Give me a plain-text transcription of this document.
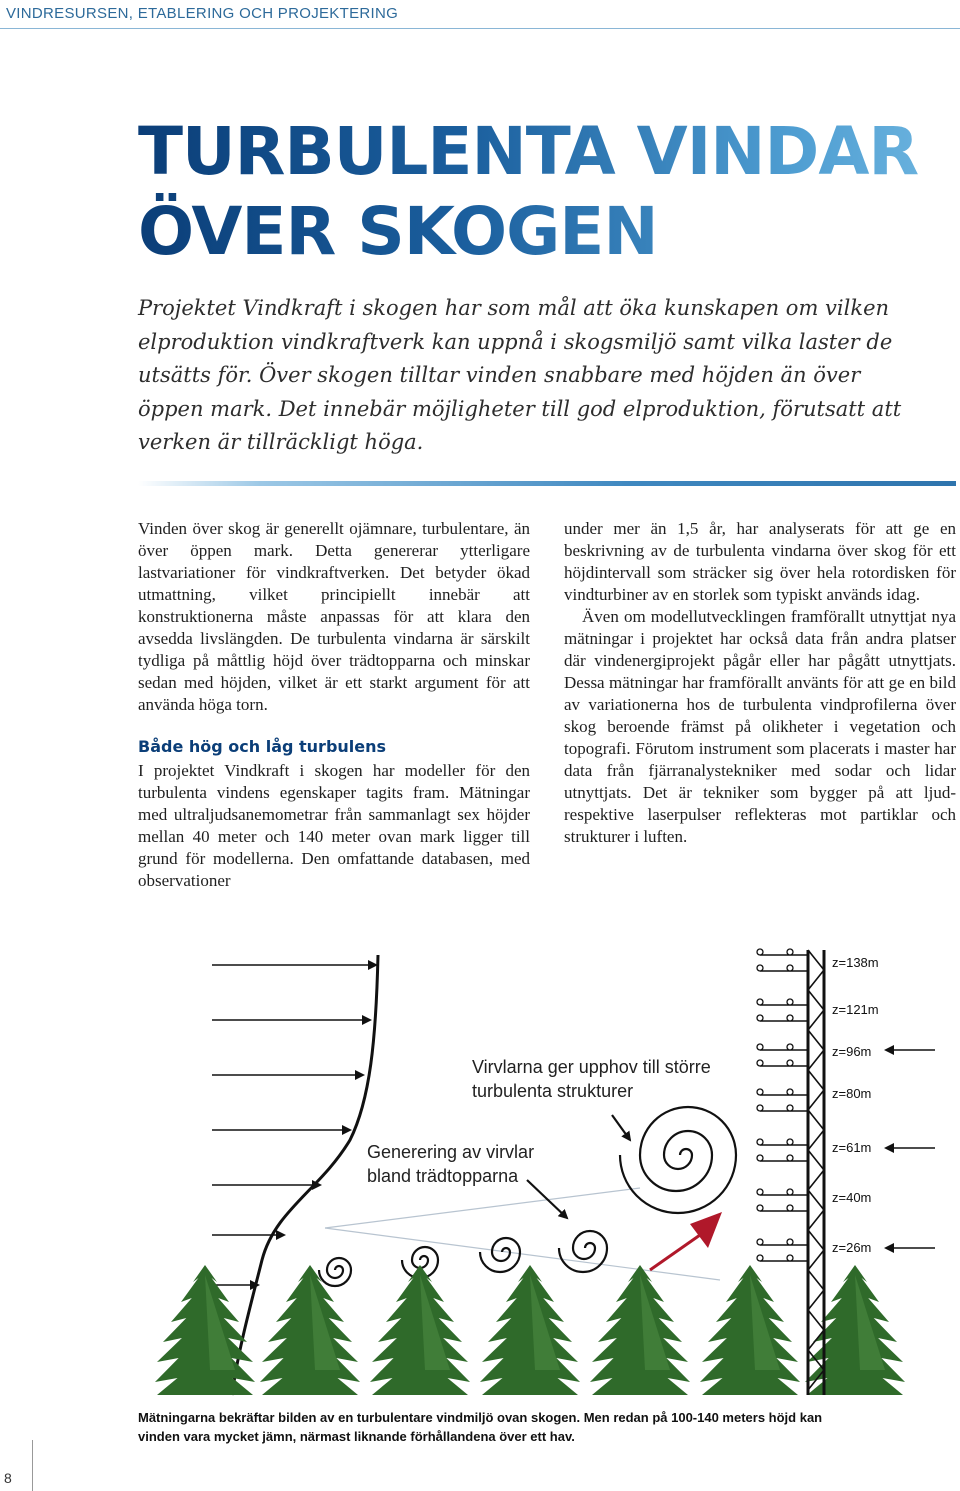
VINDRESURSEN, ETABLERING OCH PROJEKTERING
TURBULENTA VINDAR
ÖVER SKOGEN
Projektet Vindkraft i skogen har som mål att öka kunskapen om vilken elproduktion vindkraftverk kan uppnå i skogsmiljö samt vilka laster de utsätts för. Över skogen tilltar vinden snabbare med höjden än över öppen mark. Det innebär möjligheter till god elproduktion, förutsatt att verken är tillräckligt höga.

Vinden över skog är generellt ojämnare, turbulentare, än över öppen mark. Detta genererar ytterligare lastvariationer för vindkraftverken. Det betyder ökad utmattning, vilket principiellt innebär att konstruktionerna måste anpassas för att klara den avsedda livslängden. De turbulenta vindarna är särskilt tydliga på måttlig höjd över trädtopparna och minskar sedan med höjden, vilket är ett starkt argument för att använda höga torn.

Både hög och låg turbulens

I projektet Vindkraft i skogen har modeller för den turbulenta vindens egenskaper tagits fram. Mätningar med ultraljudsanemometrar från sammanlagt sex höjder mellan 40 meter och 140 meter ovan mark ligger till grund för modellerna. Den omfattande databasen, med observationer

under mer än 1,5 år, har analyserats för att ge en beskrivning av de turbulenta vindarna över skog för ett höjdintervall som sträcker sig över hela rotordisken för vindturbiner av en storlek som typiskt används idag.

Även om modellutvecklingen framförallt utnyttjat nya mätningar i projektet har också data från andra platser där vindenergiprojekt pågår eller har pågått utnyttjats. Dessa mätningar har framförallt använts för att ge en bild av variationerna hos de turbulenta vindprofilerna över skog beroende främst på olikheter i vegetation och topografi. Förutom instrument som placerats i master har data från fjärranalystekniker med sodar och lidar utnyttjats. Det är tekniker som bygger på att ljud- respektive laserpulser reflekteras mot partiklar och strukturer i luften.

Generering av virvlar
bland trädtopparna
Virvlarna ger upphov till större
turbulenta strukturer
z=138m
z=121m
z=96m
z=80m
z=61m
z=40m
z=26m
Mätningarna bekräftar bilden av en turbulentare vindmiljö ovan skogen. Men redan på 100-140 meters höjd kan vinden vara mycket jämn, närmast liknande förhållandena över ett hav.
8
